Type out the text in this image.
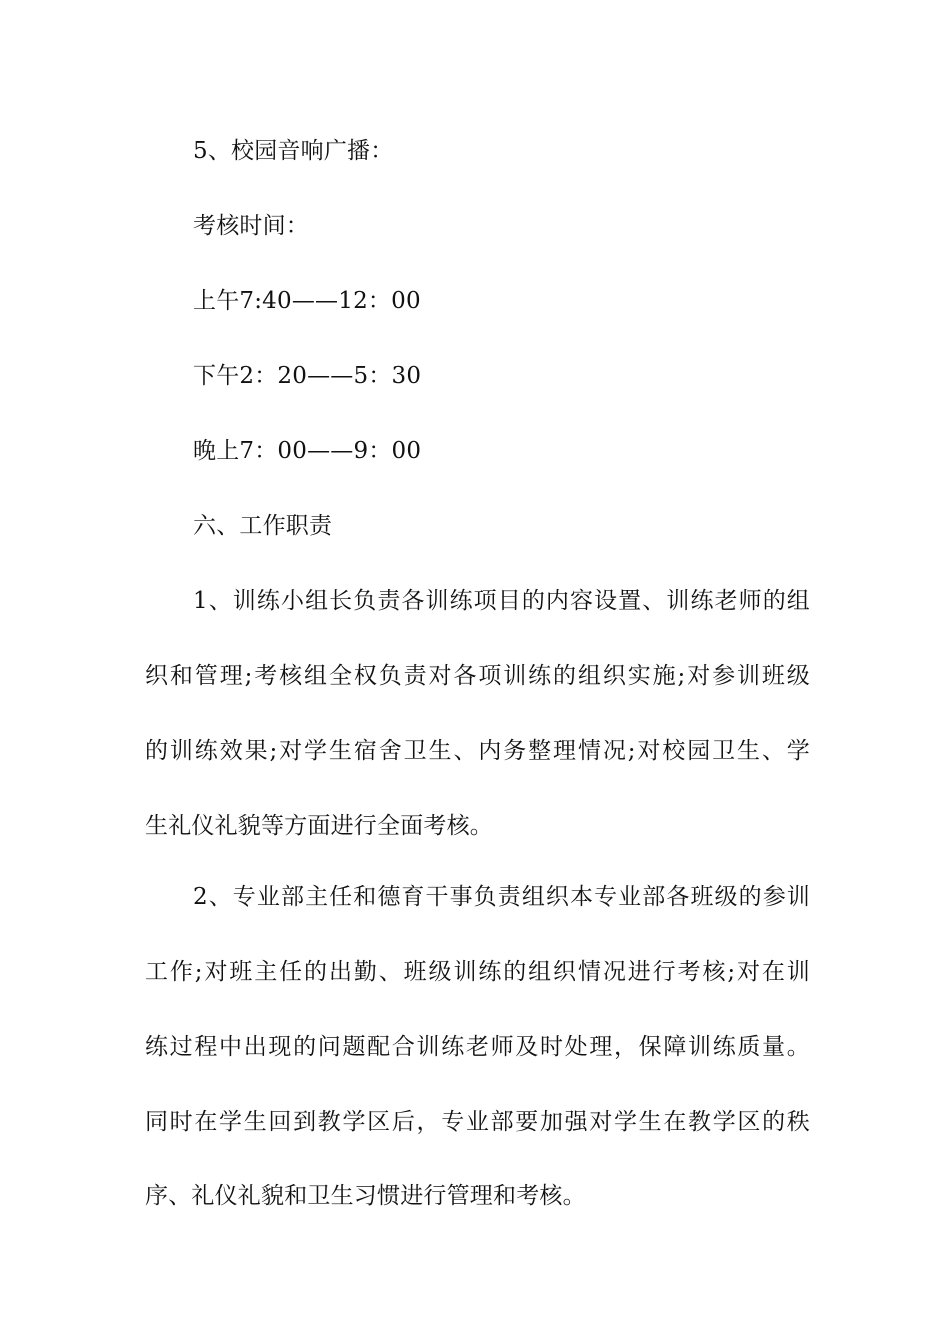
5、校园音响广播：
考核时间：
上午7:40——12：00
下午2：20——5：30
晚上7：00——9：00
六、工作职责
1、训练小组长负责各训练项目的内容设置、训练老师的组
织和管理;考核组全权负责对各项训练的组织实施;对参训班级
的训练效果;对学生宿舍卫生、内务整理情况;对校园卫生、学
生礼仪礼貌等方面进行全面考核。
2、专业部主任和德育干事负责组织本专业部各班级的参训
工作;对班主任的出勤、班级训练的组织情况进行考核;对在训
练过程中出现的问题配合训练老师及时处理，保障训练质量。
同时在学生回到教学区后，专业部要加强对学生在教学区的秩
序、礼仪礼貌和卫生习惯进行管理和考核。
